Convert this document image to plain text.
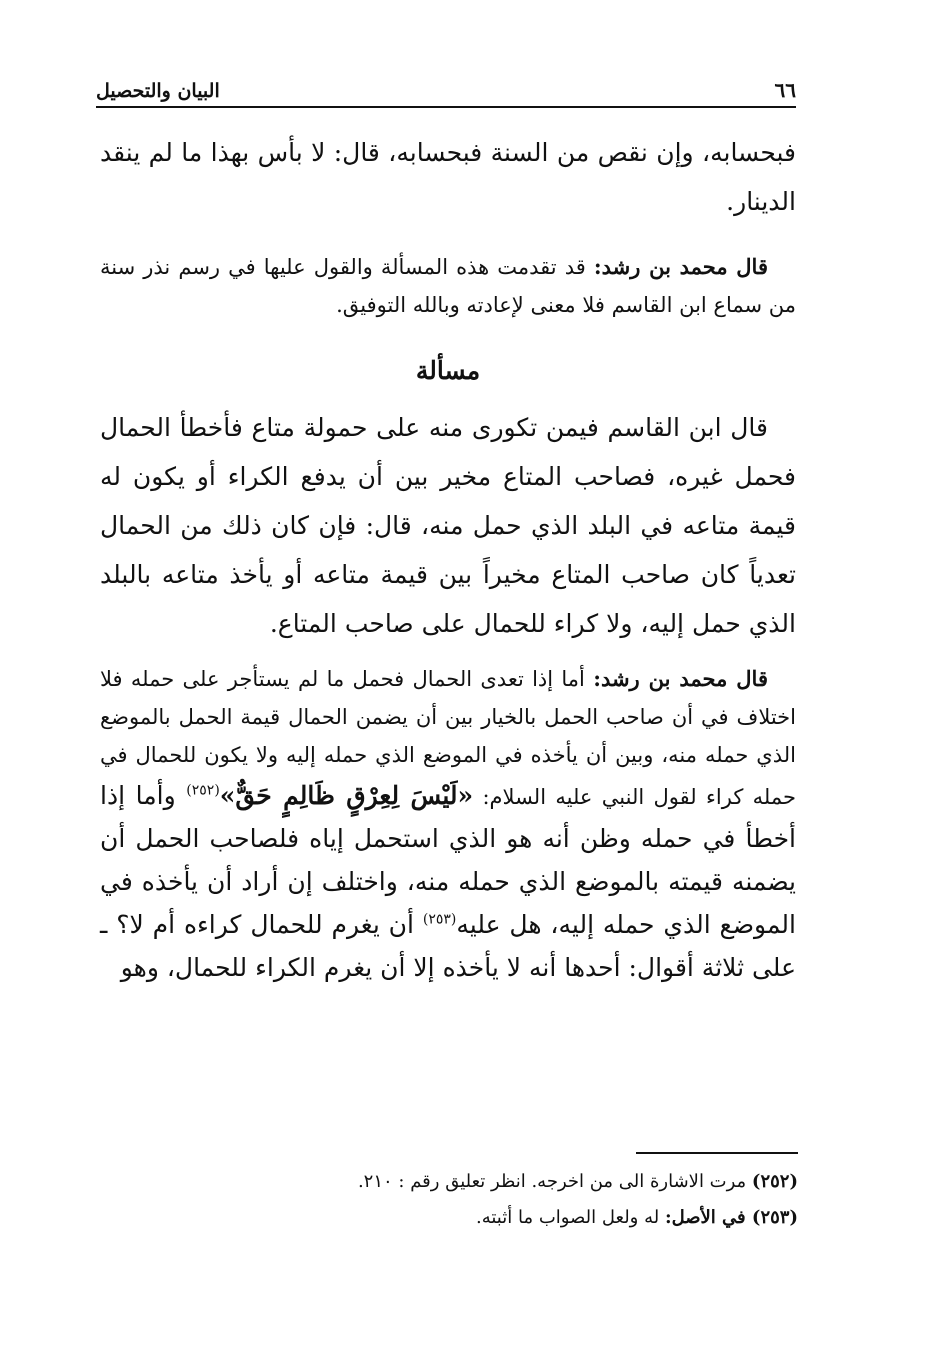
٦٦
البيان والتحصيل

فبحسابه، وإن نقص من السنة فبحسابه، قال: لا بأس بهذا ما لم ينقد الدينار.

قال محمد بن رشد: قد تقدمت هذه المسألة والقول عليها في رسم نذر سنة من سماع ابن القاسم فلا معنى لإعادته وبالله التوفيق.

مسألة

قال ابن القاسم فيمن تكورى منه على حمولة متاع فأخطأ الحمال فحمل غيره، فصاحب المتاع مخير بين أن يدفع الكراء أو يكون له قيمة متاعه في البلد الذي حمل منه، قال: فإن كان ذلك من الحمال تعدياً كان صاحب المتاع مخيراً بين قيمة متاعه أو يأخذ متاعه بالبلد الذي حمل إليه، ولا كراء للحمال على صاحب المتاع.

قال محمد بن رشد: أما إذا تعدى الحمال فحمل ما لم يستأجر على حمله فلا اختلاف في أن صاحب الحمل بالخيار بين أن يضمن الحمال قيمة الحمل بالموضع الذي حمله منه، وبين أن يأخذه في الموضع الذي حمله إليه ولا يكون للحمال في حمله كراء لقول النبي عليه السلام: «لَيْسَ لِعِرْقٍ ظَالِمٍ حَقٌّ»$^{(٢٥٢)}$ وأما إذا أخطأ في حمله وظن أنه هو الذي استحمل إياه فلصاحب الحمل أن يضمنه قيمته بالموضع الذي حمله منه، واختلف إن أراد أن يأخذه في الموضع الذي حمله إليه، هل عليه$^{(٢٥٣)}$ أن يغرم للحمال كراءه أم لا؟ ـ على ثلاثة أقوال: أحدها أنه لا يأخذه إلا أن يغرم الكراء للحمال، وهو

(٢٥٢) مرت الاشارة الى من اخرجه. انظر تعليق رقم : ٢١٠.
(٢٥٣) في الأصل: له ولعل الصواب ما أثبته.
